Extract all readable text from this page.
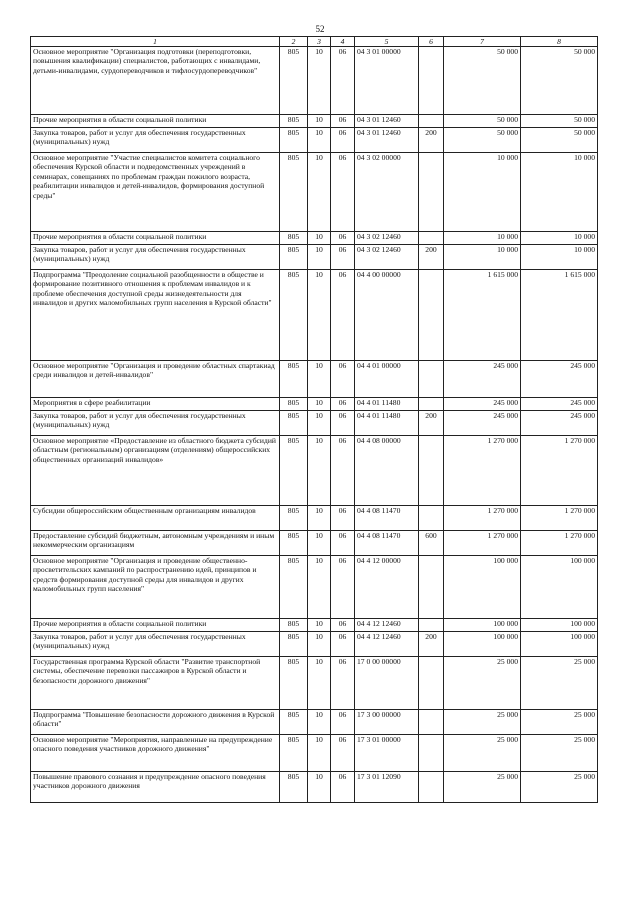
52
1	2	3	4	5	6	7	8
Основное мероприятие "Организация подготовки (переподготовки, повышения квалификации) специалистов, работающих с инвалидами, детьми-инвалидами, сурдопереводчиков и тифлосурдопереводчиков"	805	10	06	04 3 01 00000		50 000	50 000
Прочие мероприятия в области социальной политики	805	10	06	04 3 01 12460		50 000	50 000
Закупка товаров, работ и услуг для обеспечения государственных (муниципальных) нужд	805	10	06	04 3 01 12460	200	50 000	50 000
Основное мероприятие "Участие специалистов комитета социального обеспечения Курской области и подведомственных учреждений в семинарах, совещаниях по проблемам граждан пожилого возраста, реабилитации инвалидов и детей-инвалидов, формирования доступной среды"	805	10	06	04 3 02 00000		10 000	10 000
Прочие мероприятия в области социальной политики	805	10	06	04 3 02 12460		10 000	10 000
Закупка товаров, работ и услуг для обеспечения государственных (муниципальных) нужд	805	10	06	04 3 02 12460	200	10 000	10 000
Подпрограмма "Преодоление социальной разобщенности в обществе и формирование позитивного отношения к проблемам инвалидов и к проблеме обеспечения доступной среды жизнедеятельности для инвалидов и других маломобильных групп населения в Курской области"	805	10	06	04 4 00 00000		1 615 000	1 615 000
Основное мероприятие "Организация и проведение областных спартакиад среди инвалидов и детей-инвалидов"	805	10	06	04 4 01 00000		245 000	245 000
Мероприятия в сфере реабилитации	805	10	06	04 4 01 11480		245 000	245 000
Закупка товаров, работ и услуг для обеспечения государственных (муниципальных) нужд	805	10	06	04 4 01 11480	200	245 000	245 000
Основное мероприятие «Предоставление из областного бюджета субсидий областным (региональным) организациям (отделениям) общероссийских общественных организаций инвалидов»	805	10	06	04 4 08 00000		1 270 000	1 270 000
Субсидии общероссийским общественным организациям инвалидов	805	10	06	04 4 08 11470		1 270 000	1 270 000
Предоставление субсидий бюджетным, автономным учреждениям и иным некоммерческим организациям	805	10	06	04 4 08 11470	600	1 270 000	1 270 000
Основное мероприятие "Организация и проведение общественно-просветительских кампаний по распространению идей, принципов и средств формирования доступной среды для инвалидов и других маломобильных групп населения"	805	10	06	04 4 12 00000		100 000	100 000
Прочие мероприятия в области социальной политики	805	10	06	04 4 12 12460		100 000	100 000
Закупка товаров, работ и услуг для обеспечения государственных (муниципальных) нужд	805	10	06	04 4 12 12460	200	100 000	100 000
Государственная программа Курской области "Развитие транспортной системы, обеспечение перевозки пассажиров в Курской области и безопасности дорожного движения"	805	10	06	17 0 00 00000		25 000	25 000
Подпрограмма "Повышение безопасности дорожного движения в Курской области"	805	10	06	17 3 00 00000		25 000	25 000
Основное мероприятие "Мероприятия, направленные на предупреждение опасного поведения участников дорожного движения"	805	10	06	17 3 01 00000		25 000	25 000
Повышение правового сознания и предупреждение опасного поведения участников дорожного движения	805	10	06	17 3 01 12090		25 000	25 000
